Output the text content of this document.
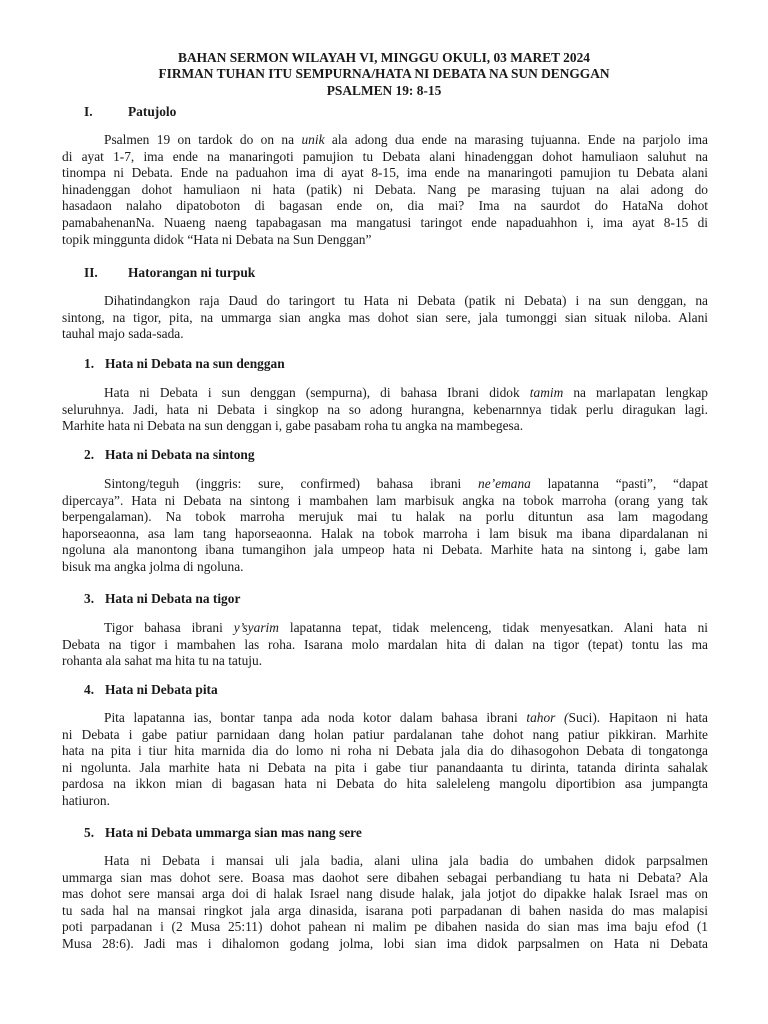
BAHAN SERMON WILAYAH VI, MINGGU OKULI, 03 MARET 2024
FIRMAN TUHAN ITU SEMPURNA/HATA NI DEBATA NA SUN DENGGAN
PSALMEN 19: 8-15
I.	Patujolo
Psalmen 19 on tardok do on na unik ala adong dua ende na marasing tujuanna. Ende na parjolo ima
di ayat 1-7, ima ende na manaringoti pamujion tu Debata alani hinadenggan dohot hamuliaon saluhut na
tinompa ni Debata. Ende na paduahon ima di ayat 8-15, ima ende na manaringoti pamujion tu Debata alani
hinadenggan dohot hamuliaon ni hata (patik) ni Debata. Nang pe marasing tujuan na alai adong do
hasadaon nalaho dipatoboton di bagasan ende on, dia mai? Ima na saurdot do HataNa dohot
pamabahenanNa. Nuaeng naeng tapabagasan ma mangatusi taringot ende napaduahhon i, ima ayat 8-15 di
topik minggunta didok “Hata ni Debata na Sun Denggan”
II. Hatorangan ni turpuk
Dihatindangkon raja Daud do taringort tu Hata ni Debata (patik ni Debata) i na sun denggan, na
sintong, na tigor, pita, na ummarga sian angka mas dohot sian sere, jala tumonggi sian situak niloba. Alani
tauhal majo sada-sada.
1. Hata ni Debata na sun denggan
Hata ni Debata i sun denggan (sempurna), di bahasa Ibrani didok tamim na marlapatan lengkap
seluruhnya. Jadi, hata ni Debata i singkop na so adong hurangna, kebenarnnya tidak perlu diragukan lagi.
Marhite hata ni Debata na sun denggan i, gabe pasabam roha tu angka na mambegesa.
2. Hata ni Debata na sintong
Sintong/teguh (inggris: sure, confirmed) bahasa ibrani ne’emana lapatanna “pasti”, “dapat
dipercaya”. Hata ni Debata na sintong i mambahen lam marbisuk angka na tobok marroha (orang yang tak
berpengalaman). Na tobok marroha merujuk mai tu halak na porlu dituntun asa lam magodang
haporseaonna, asa lam tang haporseaonna. Halak na tobok marroha i lam bisuk ma ibana dipardalanan ni
ngoluna ala manontong ibana tumangihon jala umpeop hata ni Debata. Marhite hata na sintong i, gabe lam
bisuk ma angka jolma di ngoluna.
3. Hata ni Debata na tigor
Tigor bahasa ibrani y’syarim lapatanna tepat, tidak melenceng, tidak menyesatkan. Alani hata ni
Debata na tigor i mambahen las roha. Isarana molo mardalan hita di dalan na tigor (tepat) tontu las ma
rohanta ala sahat ma hita tu na tatuju.
4. Hata ni Debata pita
Pita lapatanna ias, bontar tanpa ada noda kotor dalam bahasa ibrani tahor (Suci). Hapitaon ni hata
ni Debata i gabe patiur parnidaan dang holan patiur pardalanan tahe dohot nang patiur pikkiran. Marhite
hata na pita i tiur hita marnida dia do lomo ni roha ni Debata jala dia do dihasogohon Debata di tongatonga
ni ngolunta. Jala marhite hata ni Debata na pita i gabe tiur panandaanta tu dirinta, tatanda dirinta sahalak
pardosa na ikkon mian di bagasan hata ni Debata do hita saleleleng mangolu diportibion asa jumpangta
hatiuron.
5. Hata ni Debata ummarga sian mas nang sere
Hata ni Debata i mansai uli jala badia, alani ulina jala badia do umbahen didok parpsalmen
ummarga sian mas dohot sere. Boasa mas daohot sere dibahen sebagai perbandiang tu hata ni Debata? Ala
mas dohot sere mansai arga doi di halak Israel nang disude halak, jala jotjot do dipakke halak Israel mas on
tu sada hal na mansai ringkot jala arga dinasida, isarana poti parpadanan di bahen nasida do mas malapisi
poti parpadanan i (2 Musa 25:11) dohot pahean ni malim pe dibahen nasida do sian mas ima baju efod (1
Musa 28:6). Jadi mas i dihalomon godang jolma, lobi sian ima didok parpsalmen on Hata ni Debata
